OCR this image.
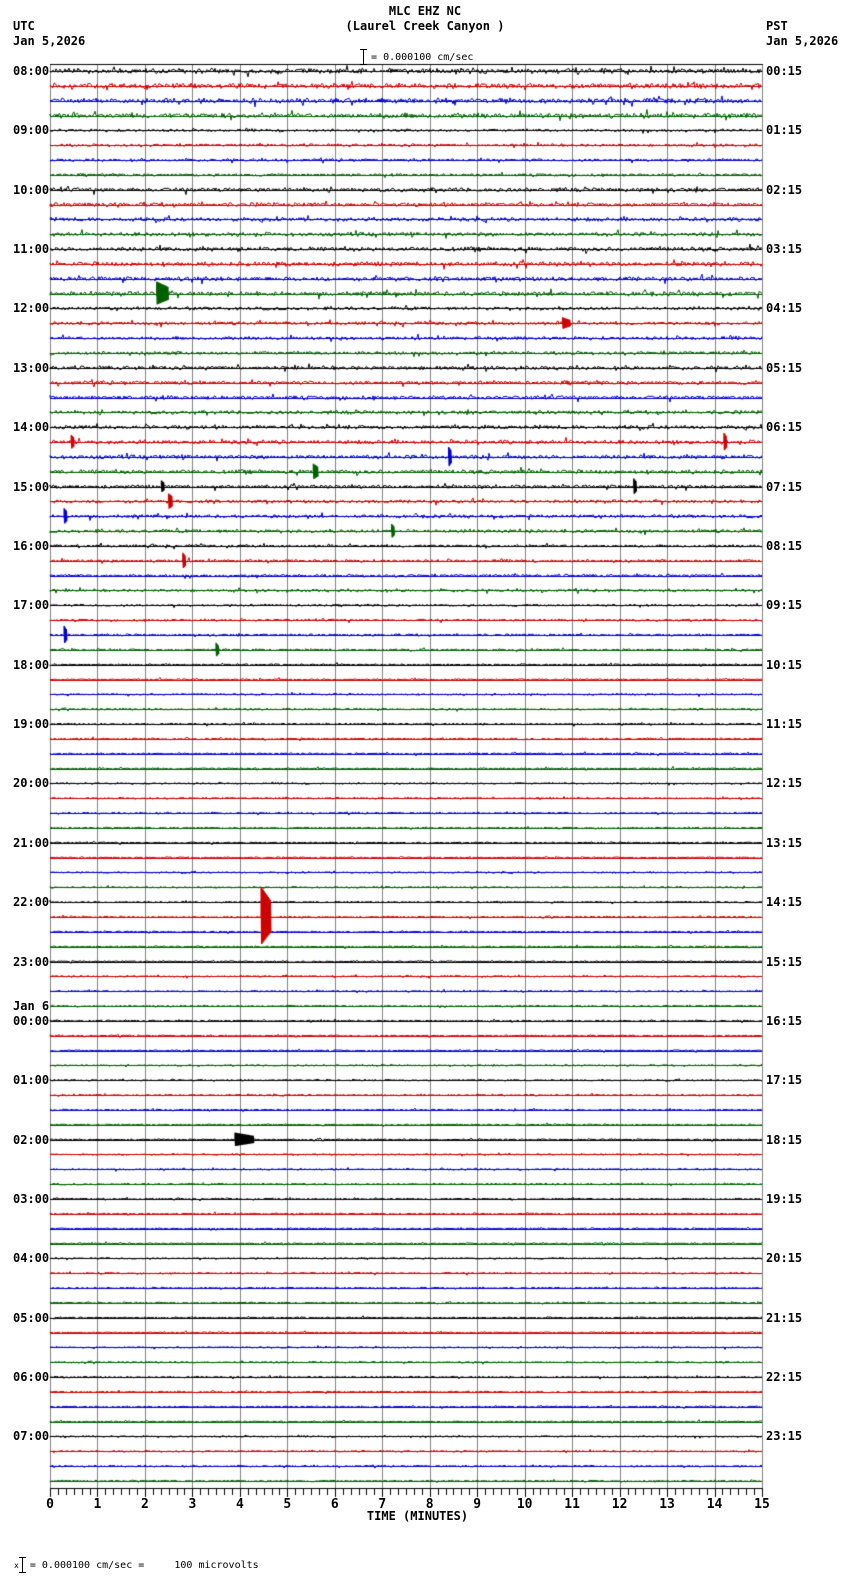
08:00
09:00
10:00
11:00
12:00
13:00
14:00
15:00
16:00
17:00
18:00
19:00
20:00
21:00
22:00
23:00
Jan 6
00:00
01:00
02:00
03:00
04:00
05:00
06:00
07:00
00:15
01:15
02:15
03:15
04:15
05:15
06:15
07:15
08:15
09:15
10:15
11:15
12:15
13:15
14:15
15:15
16:15
17:15
18:15
19:15
20:15
21:15
22:15
23:15
0	1	2	3	4	5	6	7	8	9	10 11 12 13 14 15
TIME (MINUTES)

х = 0.000100 cm/sec =     100 microvolts
